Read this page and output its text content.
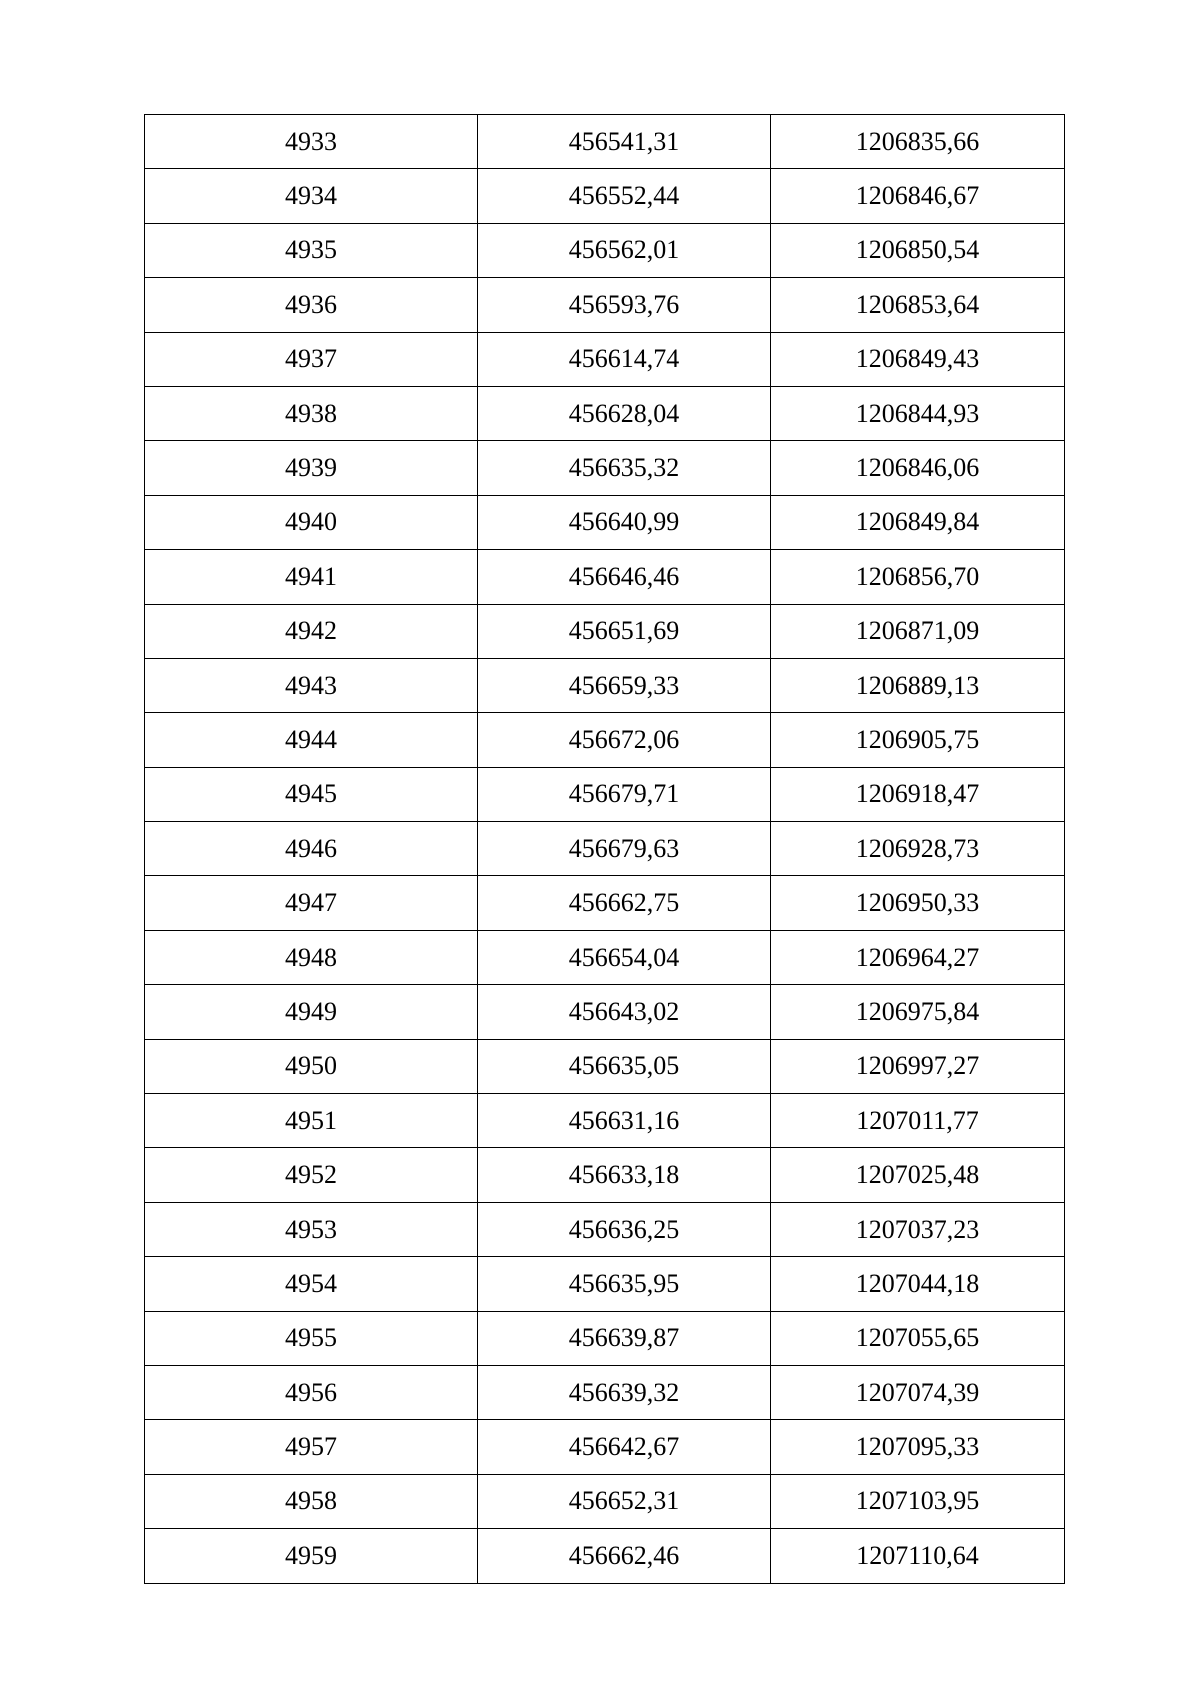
4933	456541,31	1206835,66
4934	456552,44	1206846,67
4935	456562,01	1206850,54
4936	456593,76	1206853,64
4937	456614,74	1206849,43
4938	456628,04	1206844,93
4939	456635,32	1206846,06
4940	456640,99	1206849,84
4941	456646,46	1206856,70
4942	456651,69	1206871,09
4943	456659,33	1206889,13
4944	456672,06	1206905,75
4945	456679,71	1206918,47
4946	456679,63	1206928,73
4947	456662,75	1206950,33
4948	456654,04	1206964,27
4949	456643,02	1206975,84
4950	456635,05	1206997,27
4951	456631,16	1207011,77
4952	456633,18	1207025,48
4953	456636,25	1207037,23
4954	456635,95	1207044,18
4955	456639,87	1207055,65
4956	456639,32	1207074,39
4957	456642,67	1207095,33
4958	456652,31	1207103,95
4959	456662,46	1207110,64
